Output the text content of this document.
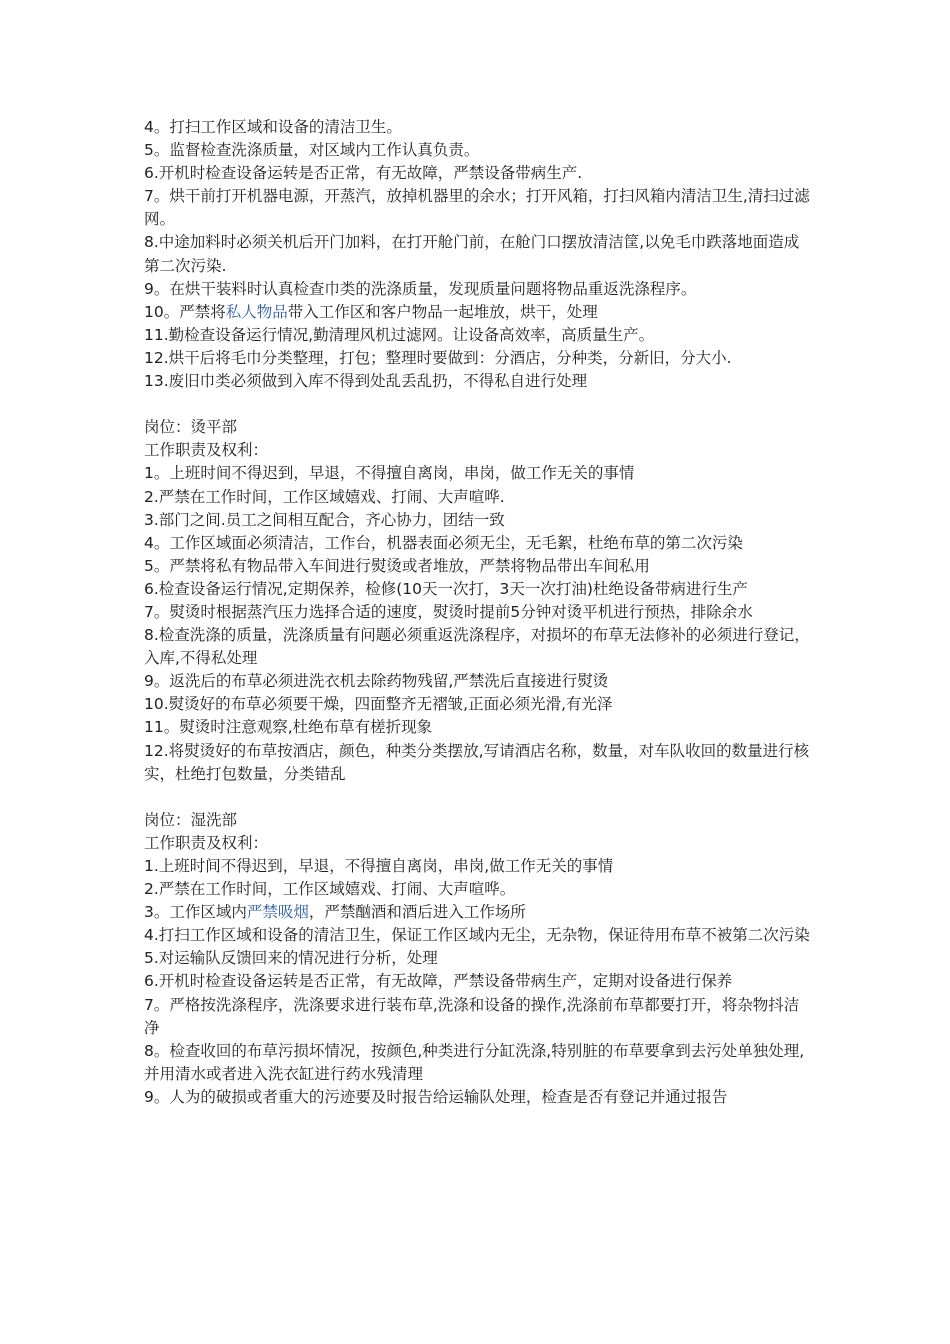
4。打扫工作区域和设备的清洁卫生。
5。监督检查洗涤质量，对区域内工作认真负责。
6.开机时检查设备运转是否正常，有无故障，严禁设备带病生产.
7。烘干前打开机器电源，开蒸汽，放掉机器里的余水；打开风箱，打扫风箱内清洁卫生,清扫过滤网。
8.中途加料时必须关机后开门加料，在打开舱门前，在舱门口摆放清洁筐,以免毛巾跌落地面造成第二次污染.
9。在烘干装料时认真检查巾类的洗涤质量，发现质量问题将物品重返洗涤程序。
10。严禁将私人物品带入工作区和客户物品一起堆放，烘干，处理
11.勤检查设备运行情况,勤清理风机过滤网。让设备高效率，高质量生产。
12.烘干后将毛巾分类整理，打包；整理时要做到：分酒店，分种类，分新旧，分大小.
13.废旧巾类必须做到入库不得到处乱丢乱扔，不得私自进行处理
岗位：烫平部
工作职责及权利：
1。上班时间不得迟到，早退，不得擅自离岗，串岗，做工作无关的事情
2.严禁在工作时间，工作区域嬉戏、打闹、大声喧哗.
3.部门之间.员工之间相互配合，齐心协力，团结一致
4。工作区域面必须清洁，工作台，机器表面必须无尘，无毛絮，杜绝布草的第二次污染
5。严禁将私有物品带入车间进行熨烫或者堆放，严禁将物品带出车间私用
6.检查设备运行情况,定期保养，检修(10天一次打，3天一次打油)杜绝设备带病进行生产
7。熨烫时根据蒸汽压力选择合适的速度，熨烫时提前5分钟对烫平机进行预热，排除余水
8.检查洗涤的质量，洗涤质量有问题必须重返洗涤程序，对损坏的布草无法修补的必须进行登记，入库,不得私处理
9。返洗后的布草必须进洗衣机去除药物残留,严禁洗后直接进行熨烫
10.熨烫好的布草必须要干燥，四面整齐无褶皱,正面必须光滑,有光泽
11。熨烫时注意观察,杜绝布草有槎折现象
12.将熨烫好的布草按酒店，颜色，种类分类摆放,写请酒店名称，数量，对车队收回的数量进行核实，杜绝打包数量，分类错乱
岗位：湿洗部
工作职责及权利：
1.上班时间不得迟到，早退，不得擅自离岗，串岗,做工作无关的事情
2.严禁在工作时间，工作区域嬉戏、打闹、大声喧哗。
3。工作区域内严禁吸烟，严禁酗酒和酒后进入工作场所
4.打扫工作区域和设备的清洁卫生，保证工作区域内无尘，无杂物，保证待用布草不被第二次污染
5.对运输队反馈回来的情况进行分析，处理
6.开机时检查设备运转是否正常，有无故障，严禁设备带病生产，定期对设备进行保养
7。严格按洗涤程序，洗涤要求进行装布草,洗涤和设备的操作,洗涤前布草都要打开，将杂物抖洁净
8。检查收回的布草污损坏情况，按颜色,种类进行分缸洗涤,特别脏的布草要拿到去污处单独处理,并用清水或者进入洗衣缸进行药水残清理
9。人为的破损或者重大的污迹要及时报告给运输队处理，检查是否有登记并通过报告
